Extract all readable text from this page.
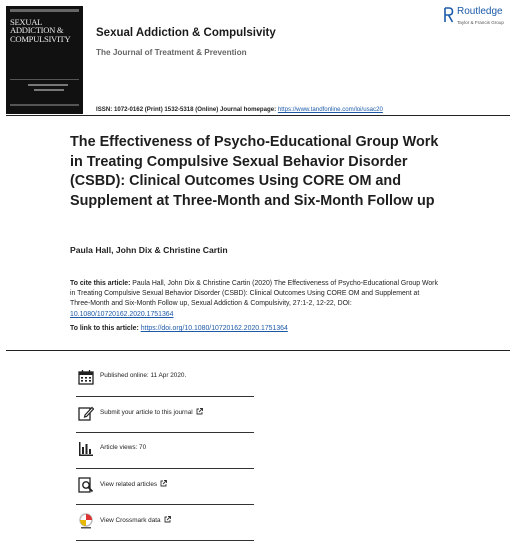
SEXUAL
ADDICTION &
COMPULSIVITY	Sexual Addiction & Compulsivity
The Journal of Treatment & Prevention
Routledge
Taylor & Francis Group
ISSN: 1072-0162 (Print) 1532-5318 (Online) Journal homepage: https://www.tandfonline.com/loi/usac20
The Effectiveness of Psycho-Educational Group Work in Treating Compulsive Sexual Behavior Disorder (CSBD): Clinical Outcomes Using CORE OM and Supplement at Three-Month and Six-Month Follow up
Paula Hall, John Dix & Christine Cartin
To cite this article: Paula Hall, John Dix & Christine Cartin (2020) The Effectiveness of Psycho-Educational Group Work in Treating Compulsive Sexual Behavior Disorder (CSBD): Clinical Outcomes Using CORE OM and Supplement at Three-Month and Six-Month Follow up, Sexual Addiction & Compulsivity, 27:1-2, 12-22, DOI: 10.1080/10720162.2020.1751364
To link to this article: https://doi.org/10.1080/10720162.2020.1751364
Published online: 11 Apr 2020.
Submit your article to this journal
Article views: 70
View related articles
View Crossmark data
